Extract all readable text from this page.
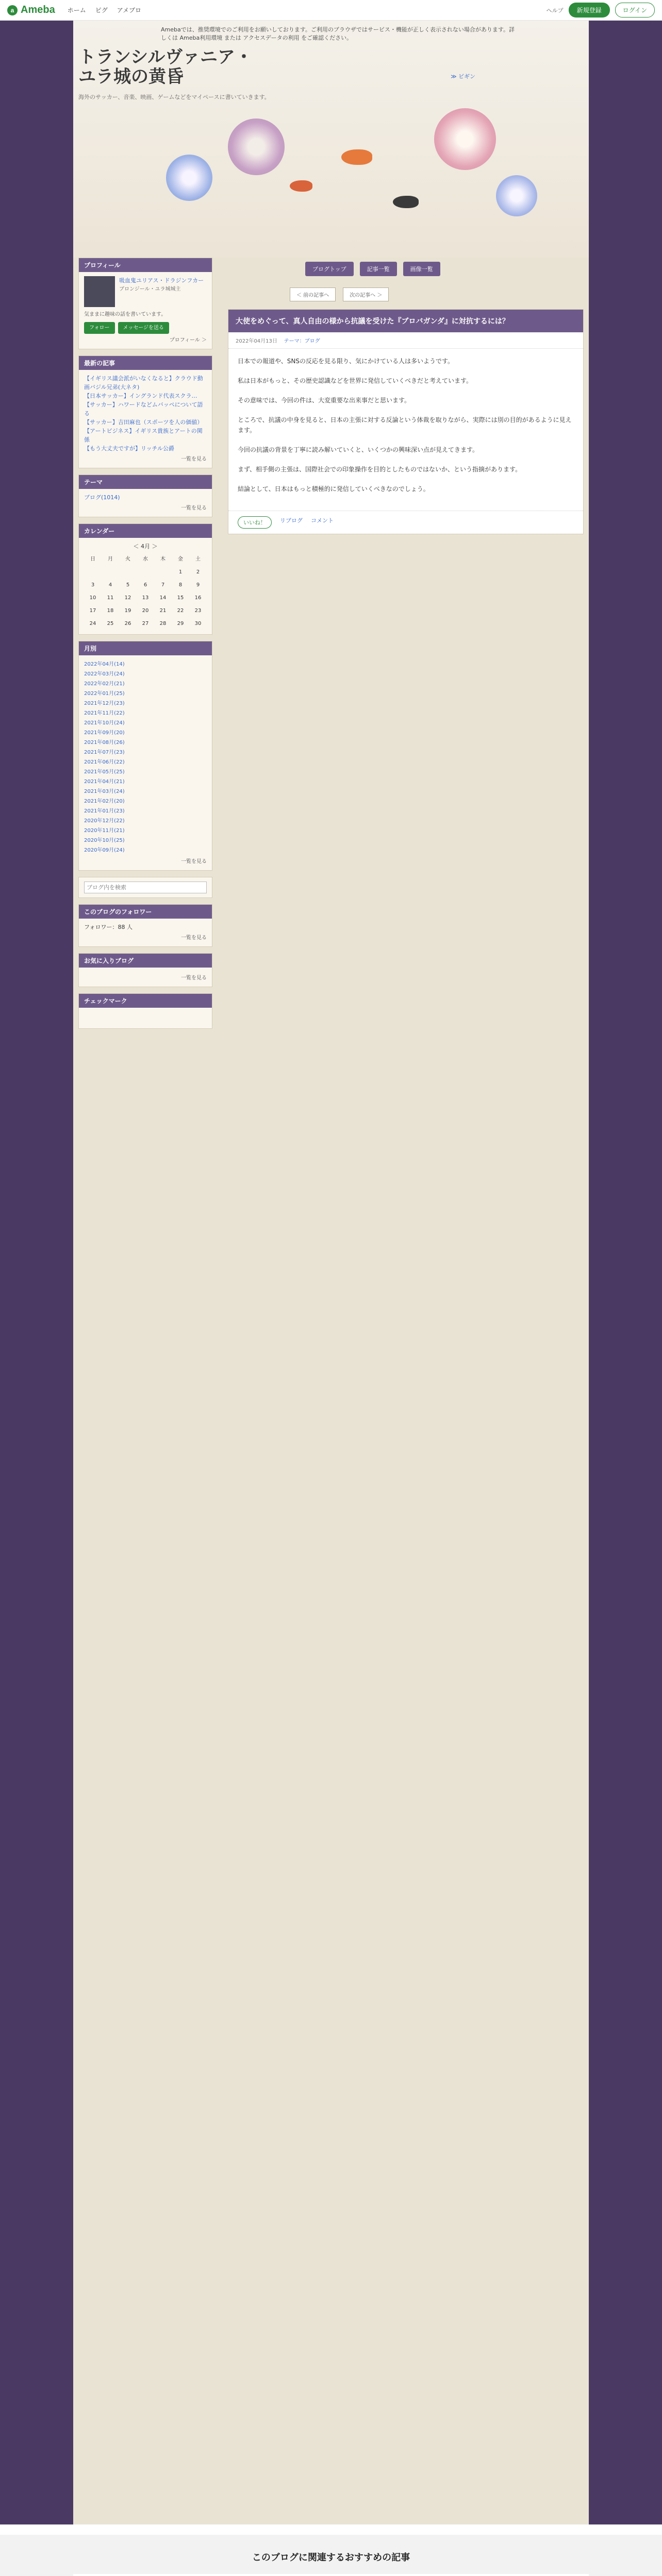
a Ameba ホーム ピグ アメブロ	ヘルプ	新規登録	ログイン
Amebaでは、推奨環境でのご利用をお願いしております。ご利用のブラウザではサービス・機能が正しく表示されない場合があります。詳しくは Ameba利用環境 または アクセスデータの利用 をご確認ください。
トランシルヴァニア・
ユラ城の黄昏
海外のサッカー、音楽、映画、ゲームなどをマイペースに書いていきます。
≫ ビギン
ブログトップ	記事一覧	画像一覧
＜ 前の記事へ	次の記事へ ＞
プロフィール
吸血鬼ユリアス・ドラジンフカー
ブロンジール・ユラ城城主
気ままに趣味の話を書いています。
フォロー	メッセージを送る
プロフィール ＞
最新の記事
【イギリス議会派がいなくなると】クラウド動画バジル兄弟(大ネタ)
【日本サッカー】イングランド代表スクラ…
【サッカー】ハワードなどムバッペについて語る
【サッカー】吉田麻也（スポーツを人の価値）
【アートビジネス】イギリス貴族とアートの関係
【もう大丈夫ですが】リッチル公爵
一覧を見る
テーマ
ブログ(1014)
一覧を見る
カレンダー
＜ 4月 ＞
日	月	火	水	木	金	土
					1	2
3	4	5	6	7	8	9
10	11	12	13	14	15	16
17	18	19	20	21	22	23
24	25	26	27	28	29	30
月別
2022年04月(14)
2022年03月(24)
2022年02月(21)
2022年01月(25)
2021年12月(23)
2021年11月(22)
2021年10月(24)
2021年09月(20)
2021年08月(26)
2021年07月(23)
2021年06月(22)
2021年05月(25)
2021年04月(21)
2021年03月(24)
2021年02月(20)
2021年01月(23)
2020年12月(22)
2020年11月(21)
2020年10月(25)
2020年09月(24)
一覧を見る
ブログ内を検索
このブログのフォロワー
フォロワー：88 人
一覧を見る
お気に入りブログ
一覧を見る
チェックマーク
大使をめぐって、真人自由の様から抗議を受けた『ブロバガンダ』に対抗するには？
2022年04月13日 テーマ：ブログ

日本での報道や、SNSの反応を見る限り、気にかけている人は多いようです。

私は日本がもっと、その歴史認識などを世界に発信していくべきだと考えています。

その意味では、今回の件は、大変重要な出来事だと思います。

ところで、抗議の中身を見ると、日本の主張に対する反論という体裁を取りながら、実際には別の目的があるように見えます。

今回の抗議の背景を丁寧に読み解いていくと、いくつかの興味深い点が見えてきます。

まず、相手側の主張は、国際社会での印象操作を目的としたものではないか、という指摘があります。

結論として、日本はもっと積極的に発信していくべきなのでしょう。

いいね！	リブログ コメント
このブログに関連するおすすめの記事
